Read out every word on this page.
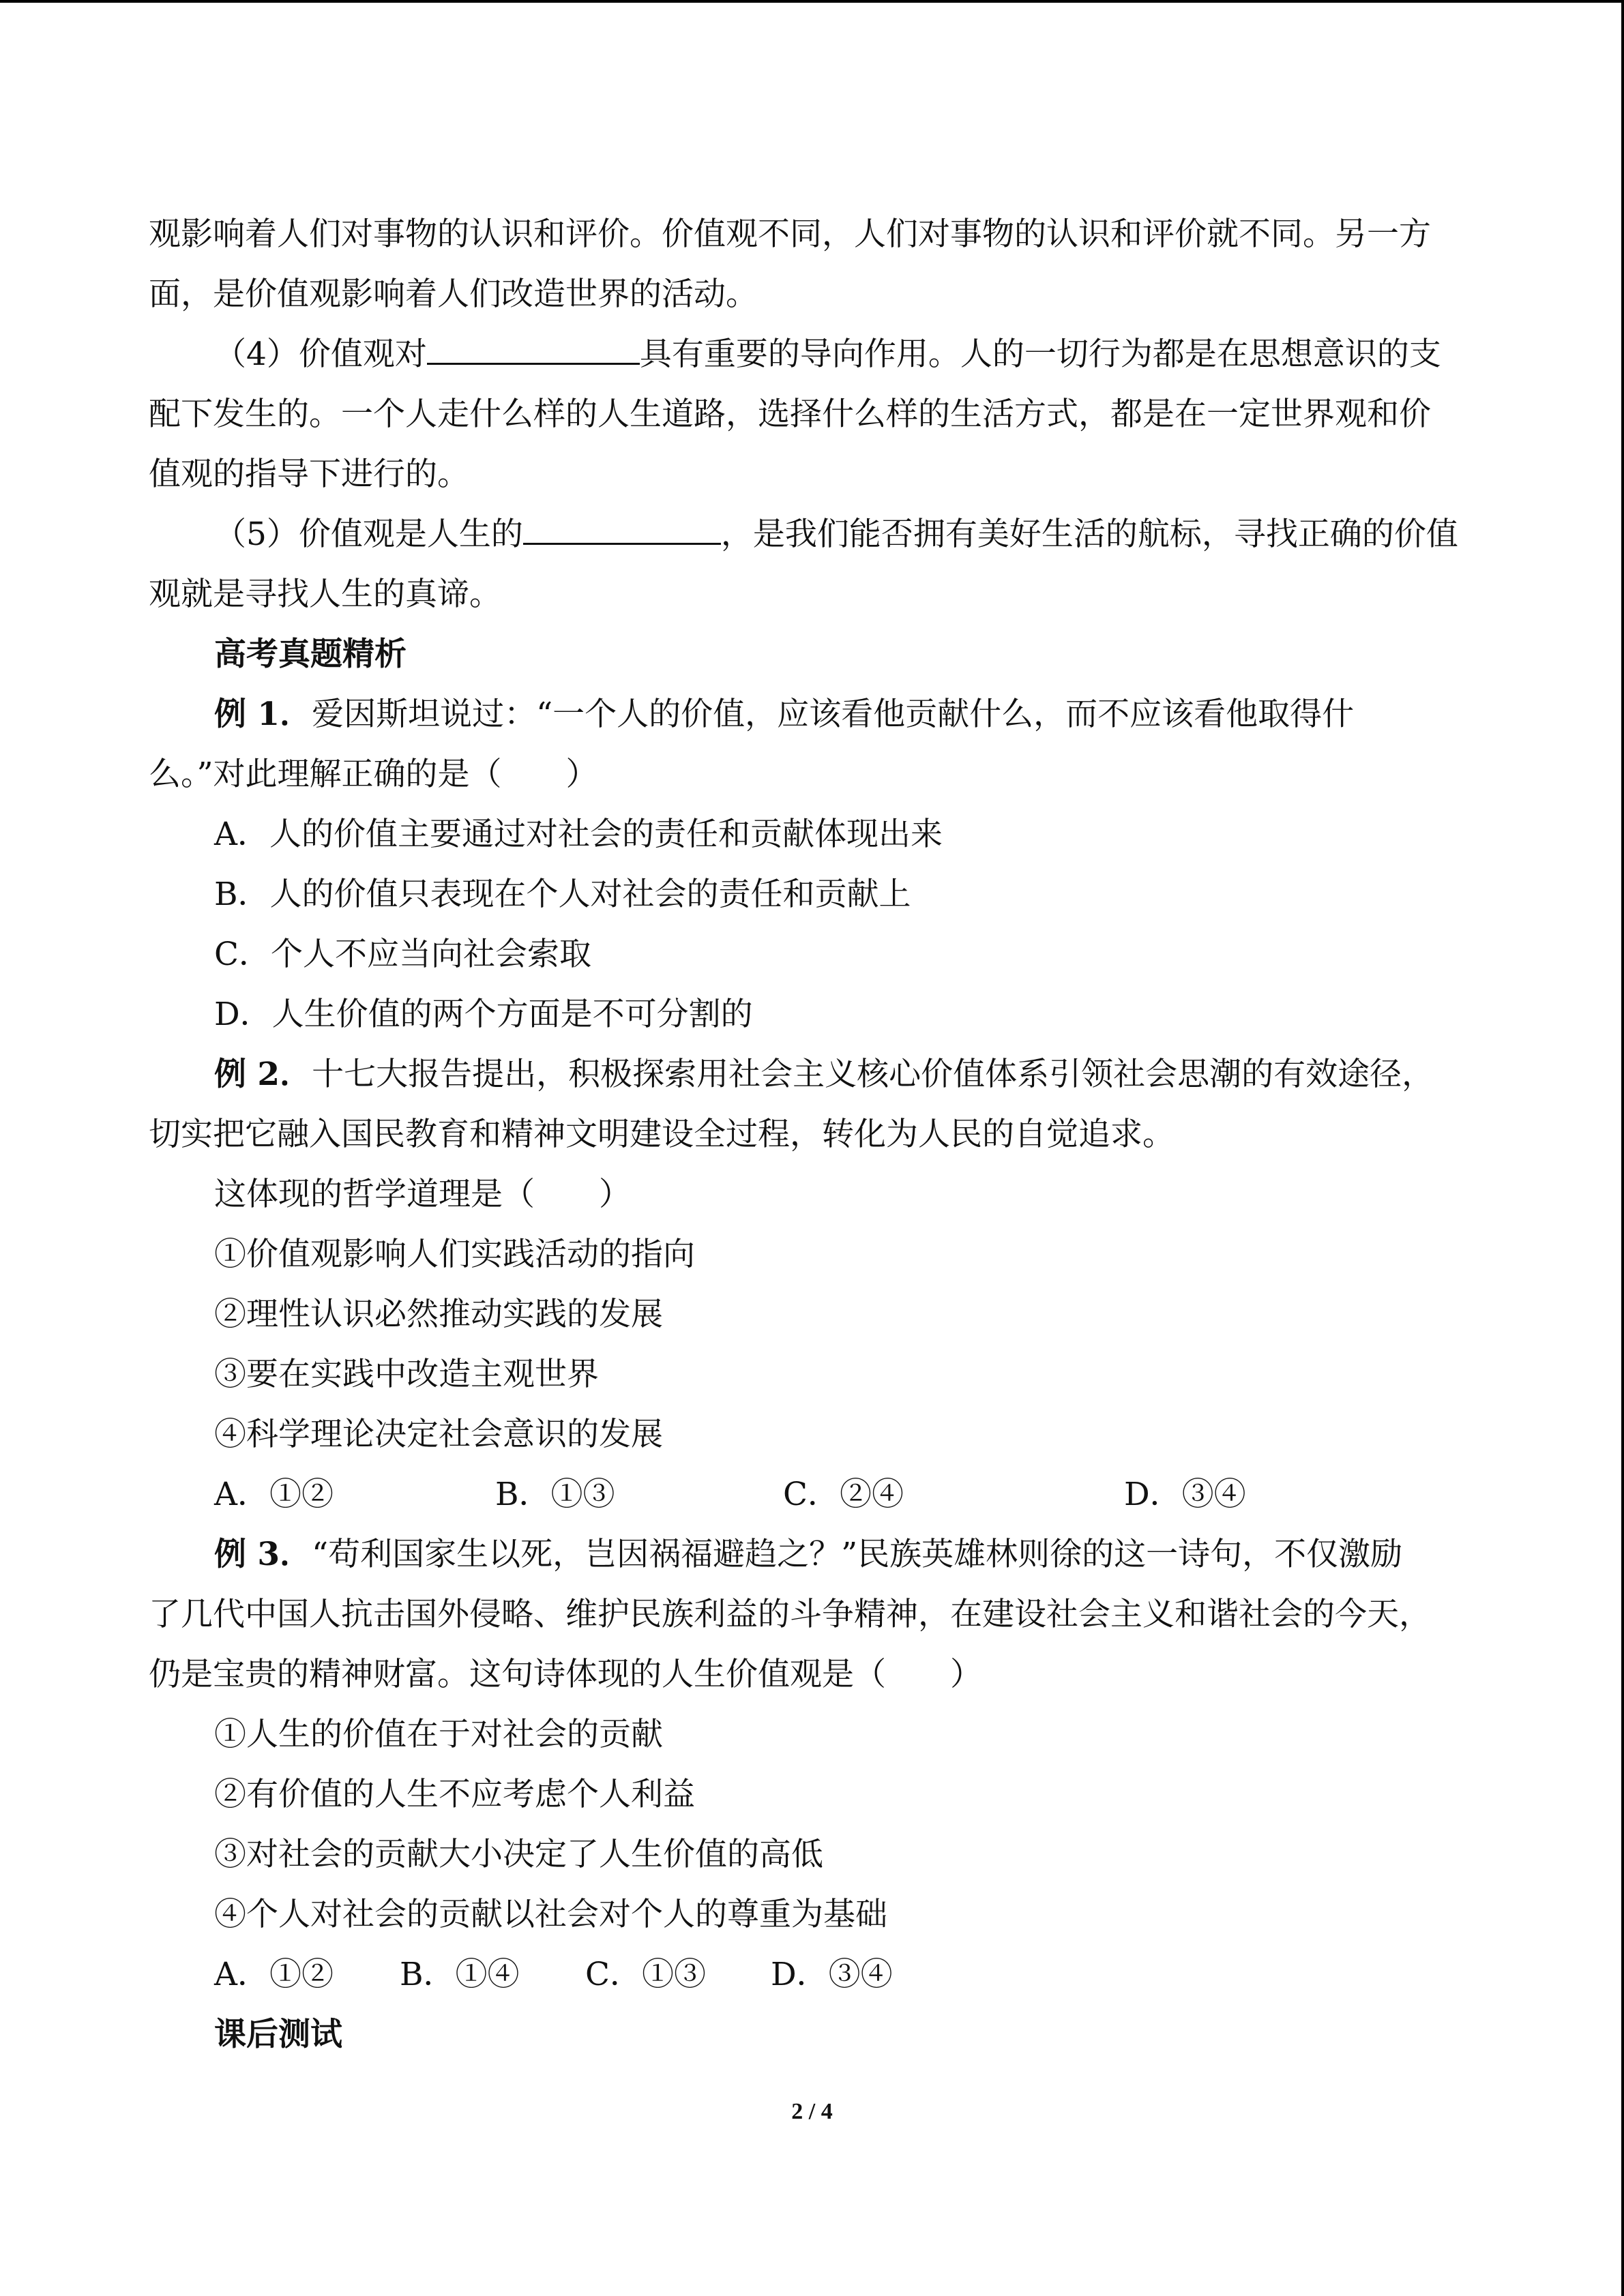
观影响着人们对事物的认识和评价。价值观不同，人们对事物的认识和评价就不同。另一方

面，是价值观影响着人们改造世界的活动。

（4）价值观对	具有重要的导向作用。人的一切行为都是在思想意识的支

配下发生的。一个人走什么样的人生道路，选择什么样的生活方式，都是在一定世界观和价

值观的指导下进行的。

（5）价值观是人生的	，是我们能否拥有美好生活的航标，寻找正确的价值

观就是寻找人生的真谛。

高考真题精析

例 1．爱因斯坦说过：“一个人的价值，应该看他贡献什么，而不应该看他取得什

么。”对此理解正确的是（　　）

A．人的价值主要通过对社会的责任和贡献体现出来

B．人的价值只表现在个人对社会的责任和贡献上

C．个人不应当向社会索取

D．人生价值的两个方面是不可分割的

例 2．十七大报告提出，积极探索用社会主义核心价值体系引领社会思潮的有效途径，

切实把它融入国民教育和精神文明建设全过程，转化为人民的自觉追求。

这体现的哲学道理是（　　）

①价值观影响人们实践活动的指向

②理性认识必然推动实践的发展

③要在实践中改造主观世界

④科学理论决定社会意识的发展

A．①②	B．①③	C．②④	D．③④

例 3．“苟利国家生以死，岂因祸福避趋之？”民族英雄林则徐的这一诗句，不仅激励

了几代中国人抗击国外侵略、维护民族利益的斗争精神，在建设社会主义和谐社会的今天，

仍是宝贵的精神财富。这句诗体现的人生价值观是（　　）

①人生的价值在于对社会的贡献

②有价值的人生不应考虑个人利益

③对社会的贡献大小决定了人生价值的高低

④个人对社会的贡献以社会对个人的尊重为基础

A．①② B．①④ C．①③ D．③④

课后测试

2 / 4
